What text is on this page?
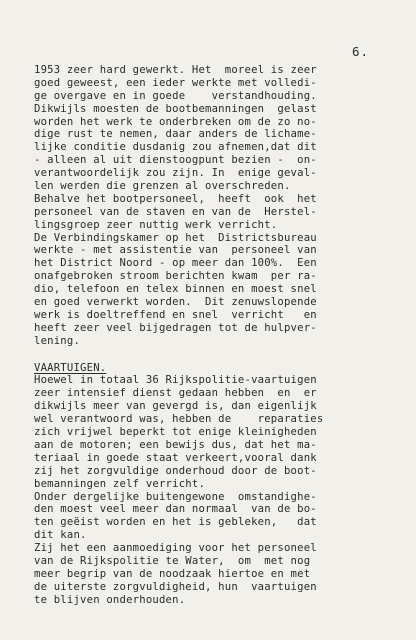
6.
1953 zeer hard gewerkt. Het  moreel is zeer
goed geweest, een ieder werkte met volledi-
ge overgave en in goede    verstandhouding.
Dikwijls moesten de bootbemanningen  gelast
worden het werk te onderbreken om de zo no-
dige rust te nemen, daar anders de lichame-
lijke conditie dusdanig zou afnemen,dat dit
- alleen al uit dienstoogpunt bezien -  on-
verantwoordelijk zou zijn. In  enige geval-
len werden die grenzen al overschreden.
Behalve het bootpersoneel,  heeft  ook  het
personeel van de staven en van de  Herstel-
lingsgroep zeer nuttig werk verricht.
De Verbindingskamer op het  Districtsbureau
werkte - met assistentie van  personeel van
het District Noord - op meer dan 100%.  Een
onafgebroken stroom berichten kwam  per ra-
dio, telefoon en telex binnen en moest snel
en goed verwerkt worden.  Dit zenuwslopende
werk is doeltreffend en snel  verricht   en
heeft zeer veel bijgedragen tot de hulpver-
lening.
VAARTUIGEN.
Hoewel in totaal 36 Rijkspolitie-vaartuigen
zeer intensief dienst gedaan hebben  en  er
dikwijls meer van gevergd is, dan eigenlijk
wel verantwoord was, hebben de    reparaties
zich vrijwel beperkt tot enige kleinigheden
aan de motoren; een bewijs dus, dat het ma-
teriaal in goede staat verkeert,vooral dank
zij het zorgvuldige onderhoud door de boot-
bemanningen zelf verricht.
Onder dergelijke buitengewone  omstandighe-
den moest veel meer dan normaal  van de bo-
ten geëist worden en het is gebleken,   dat
dit kan.
Zij het een aanmoediging voor het personeel
van de Rijkspolitie te Water,  om  met nog
meer begrip van de noodzaak hiertoe en met
de uiterste zorgvuldigheid, hun  vaartuigen
te blijven onderhouden.
